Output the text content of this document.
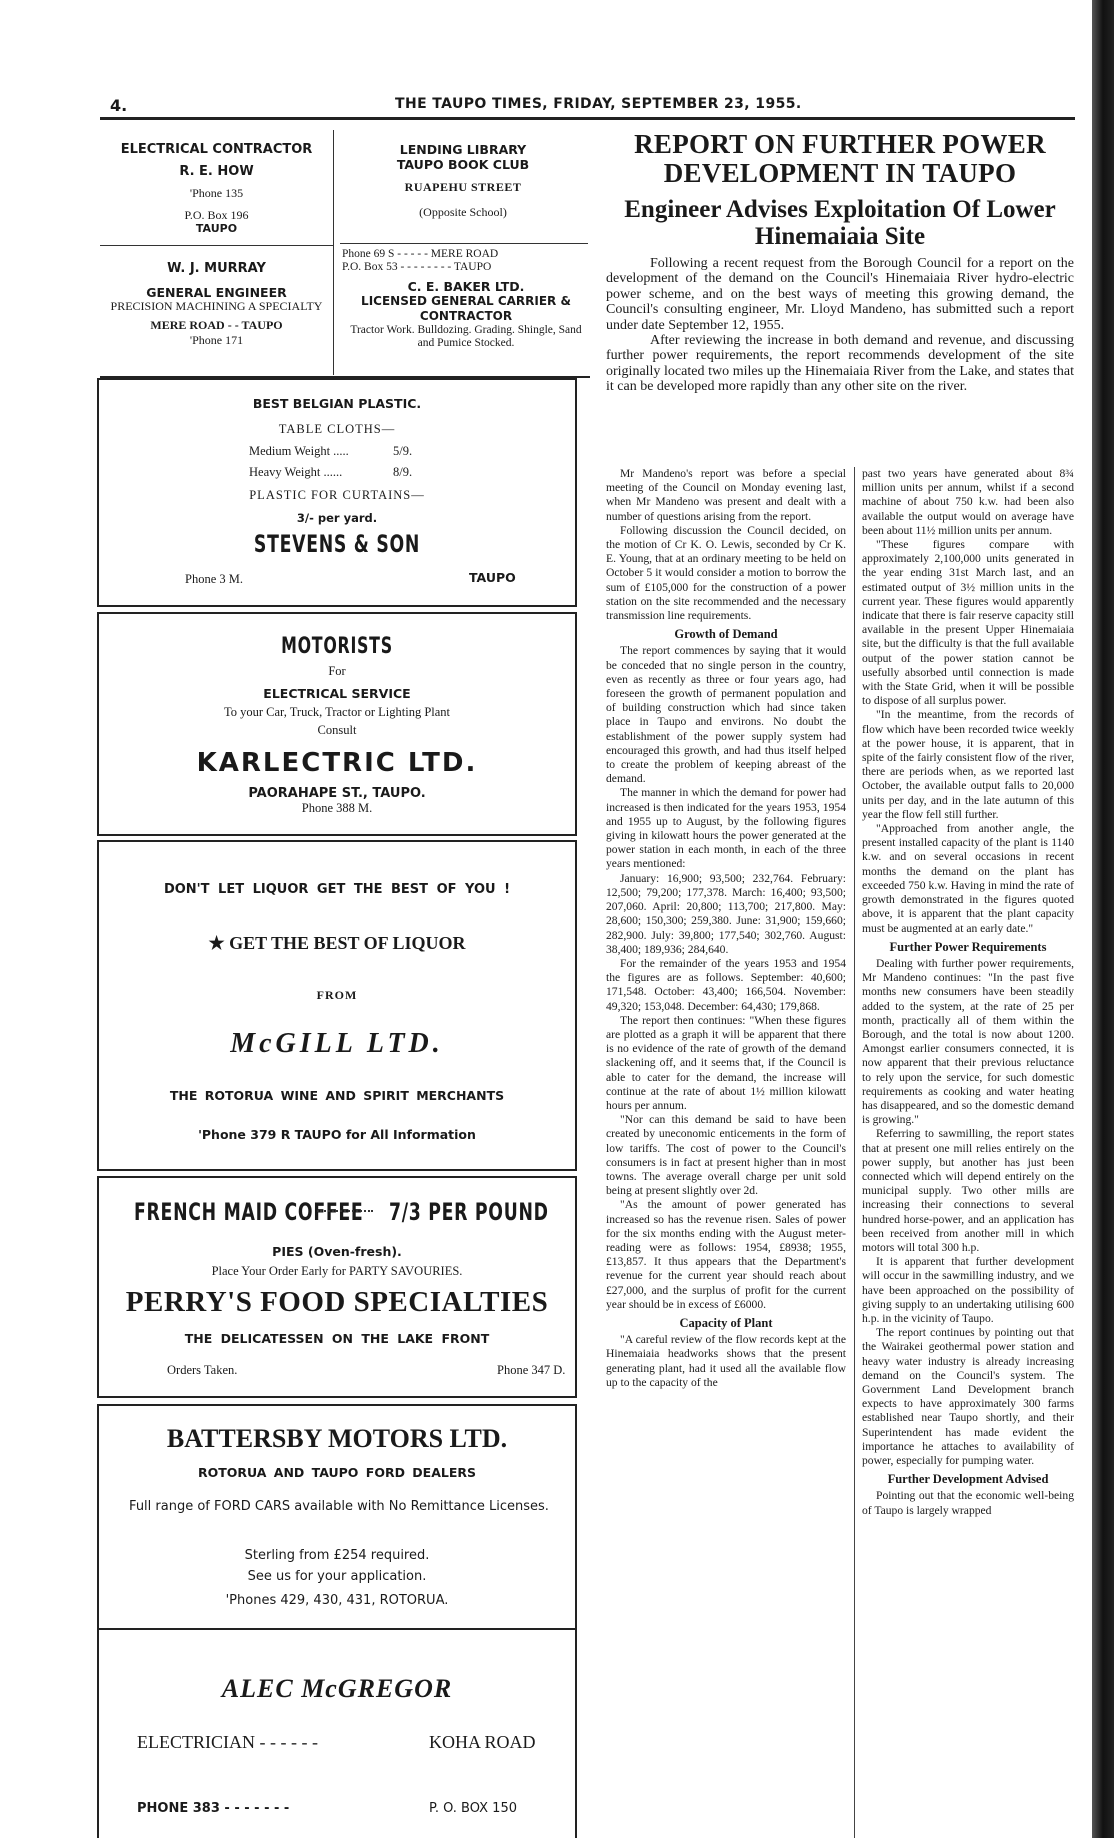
4.	THE TAUPO TIMES, FRIDAY, SEPTEMBER 23, 1955.
ELECTRICAL CONTRACTOR
R. E. HOW
'Phone 135
P.O. Box 196
TAUPO
W. J. MURRAY
GENERAL ENGINEER
PRECISION MACHINING A SPECIALTY
MERE ROAD - - TAUPO
'Phone 171
LENDING LIBRARY
TAUPO BOOK CLUB
RUAPEHU STREET
(Opposite School)
Phone 69 S - - - - - MERE ROAD
P.O. Box 53 - - - - - - - - TAUPO
C. E. BAKER LTD.
LICENSED GENERAL CARRIER & CONTRACTOR
Tractor Work. Bulldozing. Grading. Shingle, Sand and Pumice Stocked.
BEST BELGIAN PLASTIC.
TABLE CLOTHS—
Medium Weight .....	5/9.
Heavy Weight ......	8/9.
PLASTIC FOR CURTAINS—
3/- per yard.
STEVENS & SON
Phone 3 M.	TAUPO
MOTORISTS
For
ELECTRICAL SERVICE
To your Car, Truck, Tractor or Lighting Plant
Consult
KARLECTRIC LTD.
PAORAHAPE ST., TAUPO.
Phone 388 M.
DON'T LET LIQUOR GET THE BEST OF YOU !
★ GET THE BEST OF LIQUOR
FROM
McGILL LTD.
THE ROTORUA WINE AND SPIRIT MERCHANTS
'Phone 379 R TAUPO for All Information
FRENCH MAID COFFEE 7/3 PER POUND
PIES (Oven-fresh).
Place Your Order Early for PARTY SAVOURIES.
PERRY'S FOOD SPECIALTIES
THE DELICATESSEN ON THE LAKE FRONT
Orders Taken.	Phone 347 D.
BATTERSBY MOTORS LTD.
ROTORUA AND TAUPO FORD DEALERS
Full range of FORD CARS available with No Remittance Licenses.
Sterling from £254 required.
See us for your application.
'Phones 429, 430, 431, ROTORUA.
ALEC McGREGOR
ELECTRICIAN - - - - - -	KOHA ROAD
PHONE 383 - - - - - - -	P. O. BOX 150
REPORT ON FURTHER POWER DEVELOPMENT IN TAUPO
Engineer Advises Exploitation Of Lower Hinemaiaia Site

Following a recent request from the Borough Council for a report on the development of the demand on the Council's Hinemaiaia River hydro-electric power scheme, and on the best ways of meeting this growing demand, the Council's consulting engineer, Mr. Lloyd Mandeno, has submitted such a report under date September 12, 1955.

After reviewing the increase in both demand and revenue, and discussing further power requirements, the report recommends development of the site originally located two miles up the Hinemaiaia River from the Lake, and states that it can be developed more rapidly than any other site on the river.

Mr Mandeno's report was before a special meeting of the Council on Monday evening last, when Mr Mandeno was present and dealt with a number of questions arising from the report.

Following discussion the Council decided, on the motion of Cr K. O. Lewis, seconded by Cr K. E. Young, that at an ordinary meeting to be held on October 5 it would consider a motion to borrow the sum of £105,000 for the construction of a power station on the site recommended and the necessary transmission line requirements.

Growth of Demand

The report commences by saying that it would be conceded that no single person in the country, even as recently as three or four years ago, had foreseen the growth of permanent population and of building construction which had since taken place in Taupo and environs. No doubt the establishment of the power supply system had encouraged this growth, and had thus itself helped to create the problem of keeping abreast of the demand.

The manner in which the demand for power had increased is then indicated for the years 1953, 1954 and 1955 up to August, by the following figures giving in kilowatt hours the power generated at the power station in each month, in each of the three years mentioned:

January: 16,900; 93,500; 232,764. February: 12,500; 79,200; 177,378. March: 16,400; 93,500; 207,060. April: 20,800; 113,700; 217,800. May: 28,600; 150,300; 259,380. June: 31,900; 159,660; 282,900. July: 39,800; 177,540; 302,760. August: 38,400; 189,936; 284,640.

For the remainder of the years 1953 and 1954 the figures are as follows. September: 40,600; 171,548. October: 43,400; 166,504. November: 49,320; 153,048. December: 64,430; 179,868.

The report then continues: "When these figures are plotted as a graph it will be apparent that there is no evidence of the rate of growth of the demand slackening off, and it seems that, if the Council is able to cater for the demand, the increase will continue at the rate of about 1½ million kilowatt hours per annum.

"Nor can this demand be said to have been created by uneconomic enticements in the form of low tariffs. The cost of power to the Council's consumers is in fact at present higher than in most towns. The average overall charge per unit sold being at present slightly over 2d.

"As the amount of power generated has increased so has the revenue risen. Sales of power for the six months ending with the August meter-reading were as follows: 1954, £8938; 1955, £13,857. It thus appears that the Department's revenue for the current year should reach about £27,000, and the surplus of profit for the current year should be in excess of £6000.

Capacity of Plant

"A careful review of the flow records kept at the Hinemaiaia headworks shows that the present generating plant, had it used all the available flow up to the capacity of the

past two years have generated about 8¾ million units per annum, whilst if a second machine of about 750 k.w. had been also available the output would on average have been about 11½ million units per annum.

"These figures compare with approximately 2,100,000 units generated in the year ending 31st March last, and an estimated output of 3½ million units in the current year. These figures would apparently indicate that there is fair reserve capacity still available in the present Upper Hinemaiaia site, but the difficulty is that the full available output of the power station cannot be usefully absorbed until connection is made with the State Grid, when it will be possible to dispose of all surplus power.

"In the meantime, from the records of flow which have been recorded twice weekly at the power house, it is apparent, that in spite of the fairly consistent flow of the river, there are periods when, as we reported last October, the available output falls to 20,000 units per day, and in the late autumn of this year the flow fell still further.

"Approached from another angle, the present installed capacity of the plant is 1140 k.w. and on several occasions in recent months the demand on the plant has exceeded 750 k.w. Having in mind the rate of growth demonstrated in the figures quoted above, it is apparent that the plant capacity must be augmented at an early date."

Further Power Requirements

Dealing with further power requirements, Mr Mandeno continues: "In the past five months new consumers have been steadily added to the system, at the rate of 25 per month, practically all of them within the Borough, and the total is now about 1200. Amongst earlier consumers connected, it is now apparent that their previous reluctance to rely upon the service, for such domestic requirements as cooking and water heating has disappeared, and so the domestic demand is growing."

Referring to sawmilling, the report states that at present one mill relies entirely on the power supply, but another has just been connected which will depend entirely on the municipal supply. Two other mills are increasing their connections to several hundred horse-power, and an application has been received from another mill in which motors will total 300 h.p.

It is apparent that further development will occur in the sawmilling industry, and we have been approached on the possibility of giving supply to an undertaking utilising 600 h.p. in the vicinity of Taupo.

The report continues by pointing out that the Wairakei geothermal power station and heavy water industry is already increasing demand on the Council's system. The Government Land Development branch expects to have approximately 300 farms established near Taupo shortly, and their Superintendent has made evident the importance he attaches to availability of power, especially for pumping water.

Further Development Advised

Pointing out that the economic well-being of Taupo is largely wrapped
